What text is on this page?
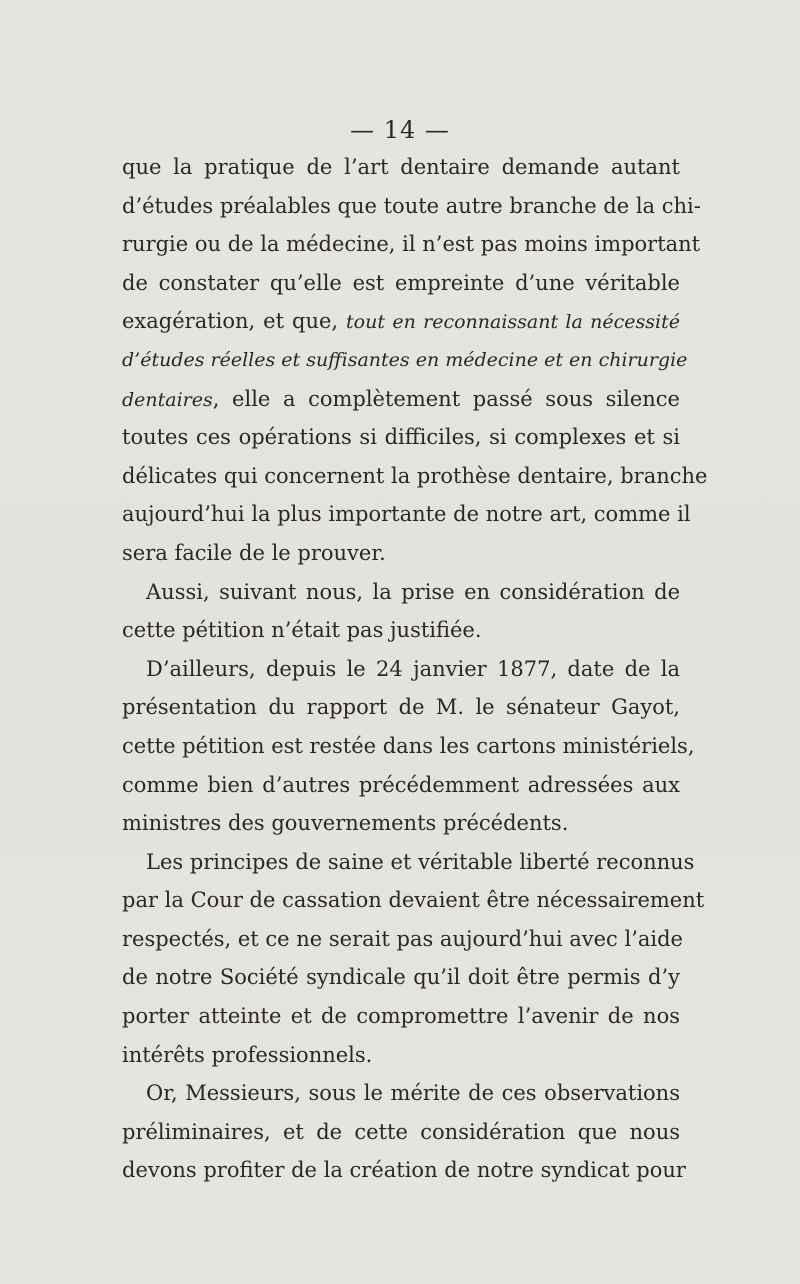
— 14 —
que la pratique de l’art dentaire demande autant
d’études préalables que toute autre branche de la chi-
rurgie ou de la médecine, il n’est pas moins important
de constater qu’elle est empreinte d’une véritable
exagération, et que, tout en reconnaissant la nécessité
d’études réelles et suffisantes en médecine et en chirurgie
dentaires, elle a complètement passé sous silence
toutes ces opérations si difficiles, si complexes et si
délicates qui concernent la prothèse dentaire, branche
aujourd’hui la plus importante de notre art, comme il
sera facile de le prouver.
Aussi, suivant nous, la prise en considération de
cette pétition n’était pas justifiée.
D’ailleurs, depuis le 24 janvier 1877, date de la
présentation du rapport de M. le sénateur Gayot,
cette pétition est restée dans les cartons ministériels,
comme bien d’autres précédemment adressées aux
ministres des gouvernements précédents.
Les principes de saine et véritable liberté reconnus
par la Cour de cassation devaient être nécessairement
respectés, et ce ne serait pas aujourd’hui avec l’aide
de notre Société syndicale qu’il doit être permis d’y
porter atteinte et de compromettre l’avenir de nos
intérêts professionnels.
Or, Messieurs, sous le mérite de ces observations
préliminaires, et de cette considération que nous
devons profiter de la création de notre syndicat pour
